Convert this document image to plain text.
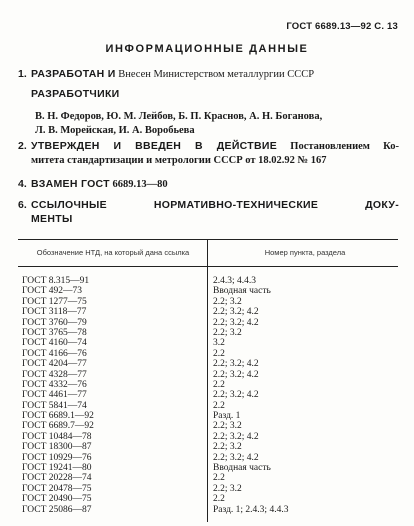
ГОСТ 6689.13—92 С. 13
ИНФОРМАЦИОННЫЕ ДАННЫЕ
1. РАЗРАБОТАН И Внесен Министерством металлургии СССР
РАЗРАБОТЧИКИ
В. Н. Федоров, Ю. М. Лейбов, Б. П. Краснов, А. Н. Боганова,
Л. В. Морейская, И. А. Воробьева
2. УТВЕРЖДЕН И ВВЕДЕН В ДЕЙСТВИЕ Постановлением Ко-
митета стандартизации и метрологии СССР от 18.02.92 № 167
4. ВЗАМЕН ГОСТ 6689.13—80
6. ССЫЛОЧНЫЕ НОРМАТИВНО-ТЕХНИЧЕСКИЕ ДОКУ-
МЕНТЫ
Обозначение НТД, на который дана ссылка	Номер пункта, раздела
ГОСТ 8.315—91
ГОСТ 492—73
ГОСТ 1277—75
ГОСТ 3118—77
ГОСТ 3760—79
ГОСТ 3765—78
ГОСТ 4160—74
ГОСТ 4166—76
ГОСТ 4204—77
ГОСТ 4328—77
ГОСТ 4332—76
ГОСТ 4461—77
ГОСТ 5841—74
ГОСТ 6689.1—92
ГОСТ 6689.7—92
ГОСТ 10484—78
ГОСТ 18300—87
ГОСТ 10929—76
ГОСТ 19241—80
ГОСТ 20228—74
ГОСТ 20478—75
ГОСТ 20490—75
ГОСТ 25086—87
2.4.3; 4.4.3
Вводная часть
2.2; 3.2
2.2; 3.2; 4.2
2.2; 3.2; 4.2
2.2; 3.2
3.2
2.2
2.2; 3.2; 4.2
2.2; 3.2; 4.2
2.2
2.2; 3.2; 4.2
2.2
Разд. 1
2.2; 3.2
2.2; 3.2; 4.2
2.2; 3.2
2.2; 3.2; 4.2
Вводная часть
2.2
2.2; 3.2
2.2
Разд. 1; 2.4.3; 4.4.3
